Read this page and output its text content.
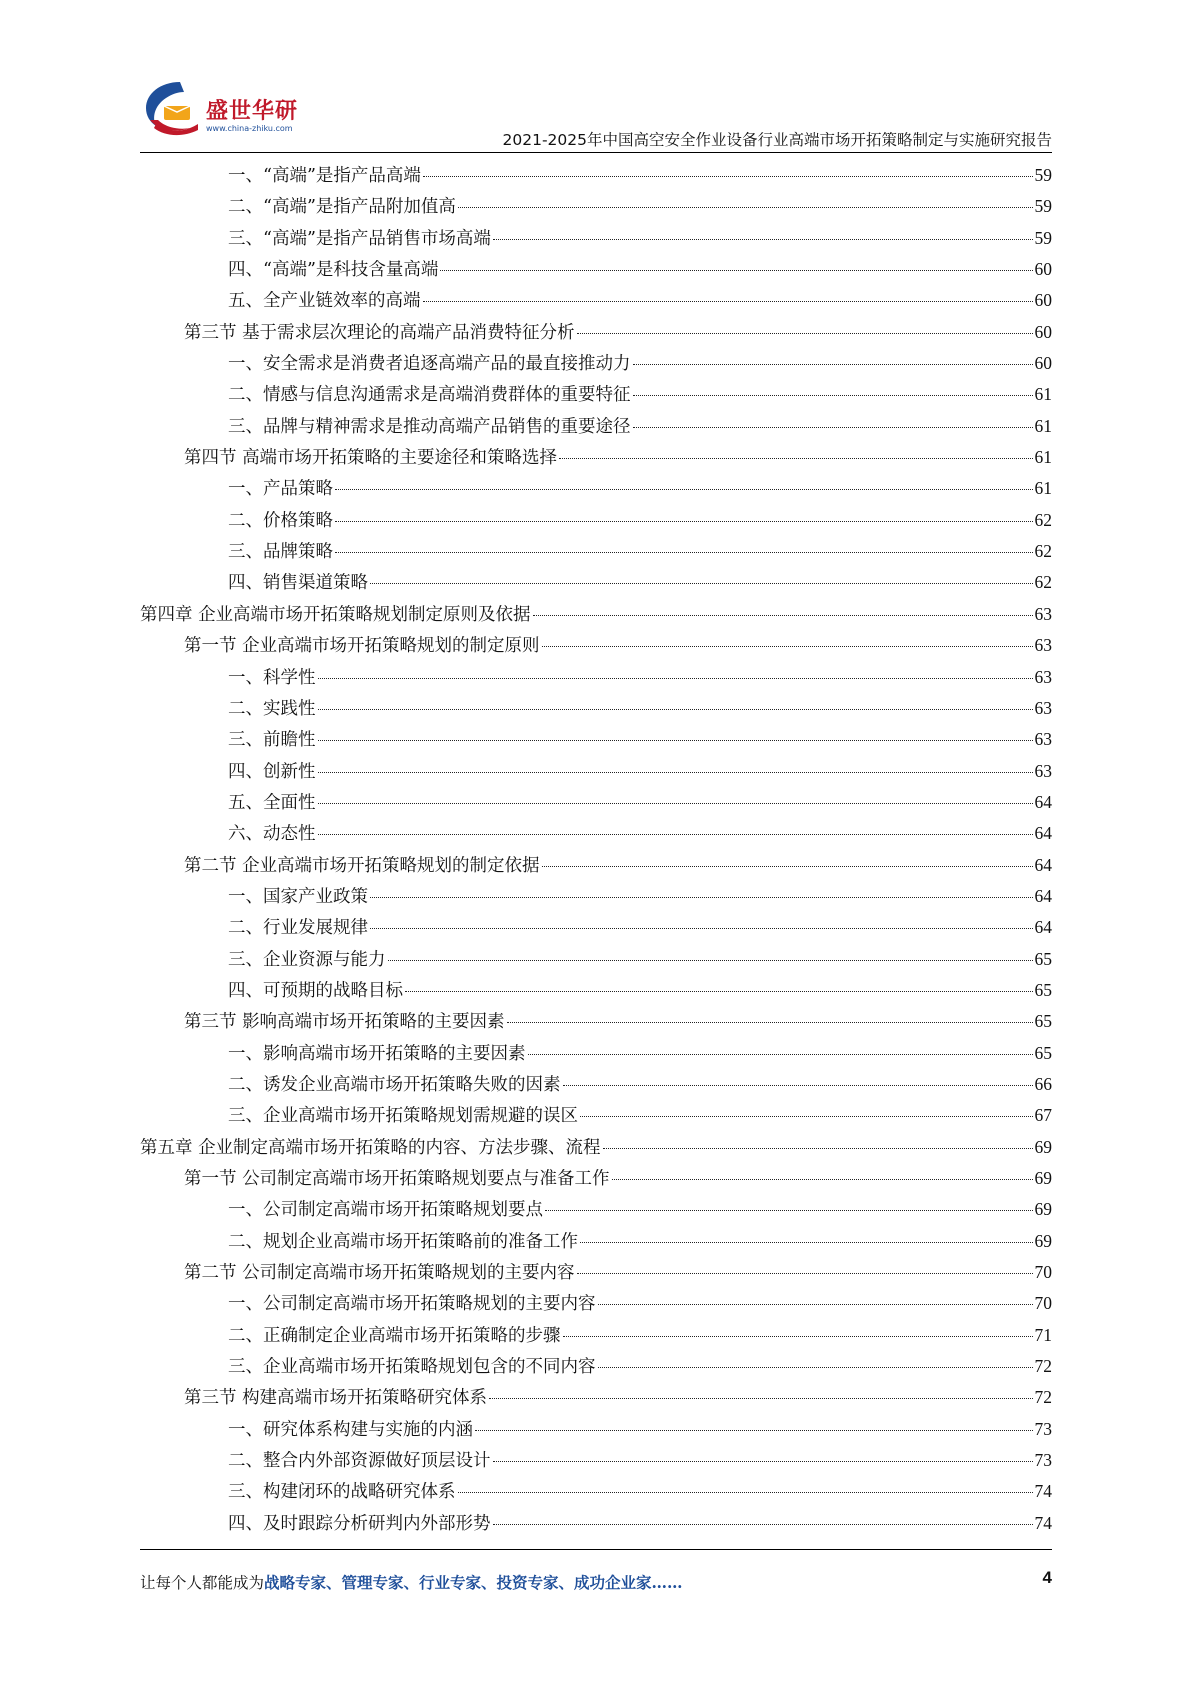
盛世华研
www.china-zhiku.com
2021-2025年中国高空安全作业设备行业高端市场开拓策略制定与实施研究报告
一、“高端”是指产品高端	59
二、“高端”是指产品附加值高	59
三、“高端”是指产品销售市场高端	59
四、“高端”是科技含量高端	60
五、全产业链效率的高端	60
第三节 基于需求层次理论的高端产品消费特征分析	60
一、安全需求是消费者追逐高端产品的最直接推动力	60
二、情感与信息沟通需求是高端消费群体的重要特征	61
三、品牌与精神需求是推动高端产品销售的重要途径	61
第四节 高端市场开拓策略的主要途径和策略选择	61
一、产品策略	61
二、价格策略	62
三、品牌策略	62
四、销售渠道策略	62
第四章 企业高端市场开拓策略规划制定原则及依据	63
第一节 企业高端市场开拓策略规划的制定原则	63
一、科学性	63
二、实践性	63
三、前瞻性	63
四、创新性	63
五、全面性	64
六、动态性	64
第二节 企业高端市场开拓策略规划的制定依据	64
一、国家产业政策	64
二、行业发展规律	64
三、企业资源与能力	65
四、可预期的战略目标	65
第三节 影响高端市场开拓策略的主要因素	65
一、影响高端市场开拓策略的主要因素	65
二、诱发企业高端市场开拓策略失败的因素	66
三、企业高端市场开拓策略规划需规避的误区	67
第五章 企业制定高端市场开拓策略的内容、方法步骤、流程	69
第一节 公司制定高端市场开拓策略规划要点与准备工作	69
一、公司制定高端市场开拓策略规划要点	69
二、规划企业高端市场开拓策略前的准备工作	69
第二节 公司制定高端市场开拓策略规划的主要内容	70
一、公司制定高端市场开拓策略规划的主要内容	70
二、正确制定企业高端市场开拓策略的步骤	71
三、企业高端市场开拓策略规划包含的不同内容	72
第三节 构建高端市场开拓策略研究体系	72
一、研究体系构建与实施的内涵	73
二、整合内外部资源做好顶层设计	73
三、构建闭环的战略研究体系	74
四、及时跟踪分析研判内外部形势	74
让每个人都能成为战略专家、管理专家、行业专家、投资专家、成功企业家……	4
